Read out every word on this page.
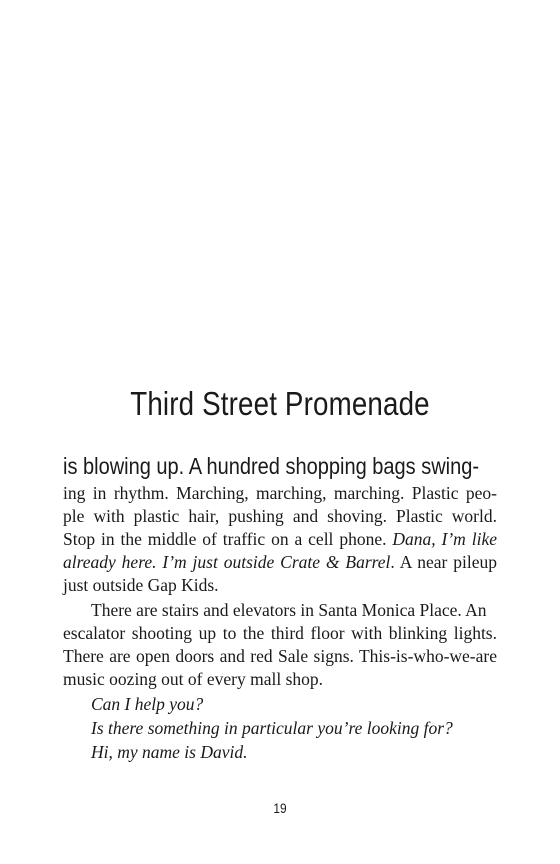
Third Street Promenade

is blowing up. A hundred shopping bags swing-

ing in rhythm. Marching, marching, marching. Plastic peo-

ple with plastic hair, pushing and shoving. Plastic world.

Stop in the middle of traffic on a cell phone. Dana, I’m like

already here. I’m just outside Crate & Barrel. A near pileup

just outside Gap Kids.

There are stairs and elevators in Santa Monica Place. An

escalator shooting up to the third floor with blinking lights.

There are open doors and red Sale signs. This-is-who-we-are

music oozing out of every mall shop.

Can I help you?

Is there something in particular you’re looking for?

Hi, my name is David.

19
